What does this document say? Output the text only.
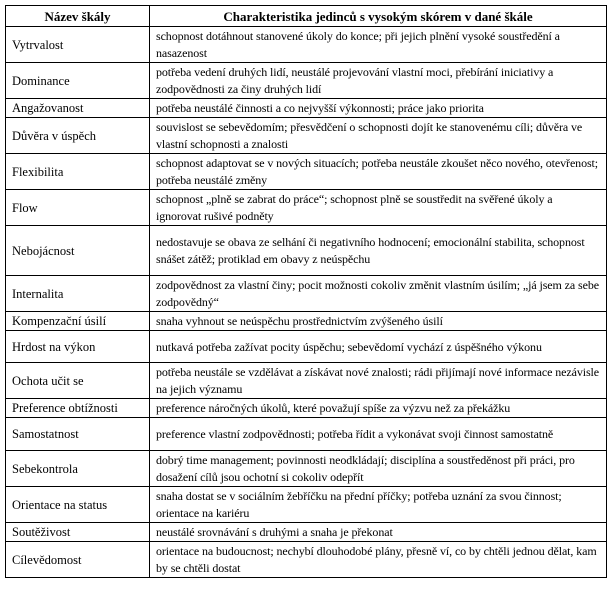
Název škály	Charakteristika jedinců s vysokým skórem v dané škále
Vytrvalost	schopnost dotáhnout stanovené úkoly do konce; při jejich plnění vysoké soustředění a nasazenost
Dominance	potřeba vedení druhých lidí, neustálé projevování vlastní moci, přebírání iniciativy a zodpovědnosti za činy druhých lidí
Angažovanost	potřeba neustálé činnosti a co nejvyšší výkonnosti; práce jako priorita
Důvěra v úspěch	souvislost se sebevědomím; přesvědčení o schopnosti dojít ke stanovenému cíli; důvěra ve vlastní schopnosti a znalosti
Flexibilita	schopnost adaptovat se v nových situacích; potřeba neustále zkoušet něco nového, otevřenost; potřeba neustálé změny
Flow	schopnost „plně se zabrat do práce“; schopnost plně se soustředit na svěřené úkoly a ignorovat rušivé podněty
Nebojácnost	nedostavuje se obava ze selhání či negativního hodnocení; emocionální stabilita, schopnost snášet zátěž; protiklad em obavy z neúspěchu
Internalita	zodpovědnost za vlastní činy; pocit možnosti cokoliv změnit vlastním úsilím; „já jsem za sebe zodpovědný“
Kompenzační úsilí	snaha vyhnout se neúspěchu prostřednictvím zvýšeného úsilí
Hrdost na výkon	nutkavá potřeba zažívat pocity úspěchu; sebevědomí vychází z úspěšného výkonu
Ochota učit se	potřeba neustále se vzdělávat a získávat nové znalosti; rádi přijímají nové informace nezávisle na jejich významu
Preference obtížnosti	preference náročných úkolů, které považují spíše za výzvu než za překážku
Samostatnost	preference vlastní zodpovědnosti; potřeba řídit a vykonávat svoji činnost samostatně
Sebekontrola	dobrý time management; povinnosti neodkládají; disciplína a soustředěnost při práci, pro dosažení cílů jsou ochotní si cokoliv odepřít
Orientace na status	snaha dostat se v sociálním žebříčku na přední příčky; potřeba uznání za svou činnost; orientace na kariéru
Soutěživost	neustálé srovnávání s druhými a snaha je překonat
Cílevědomost	orientace na budoucnost; nechybí dlouhodobé plány, přesně ví, co by chtěli jednou dělat, kam by se chtěli dostat
